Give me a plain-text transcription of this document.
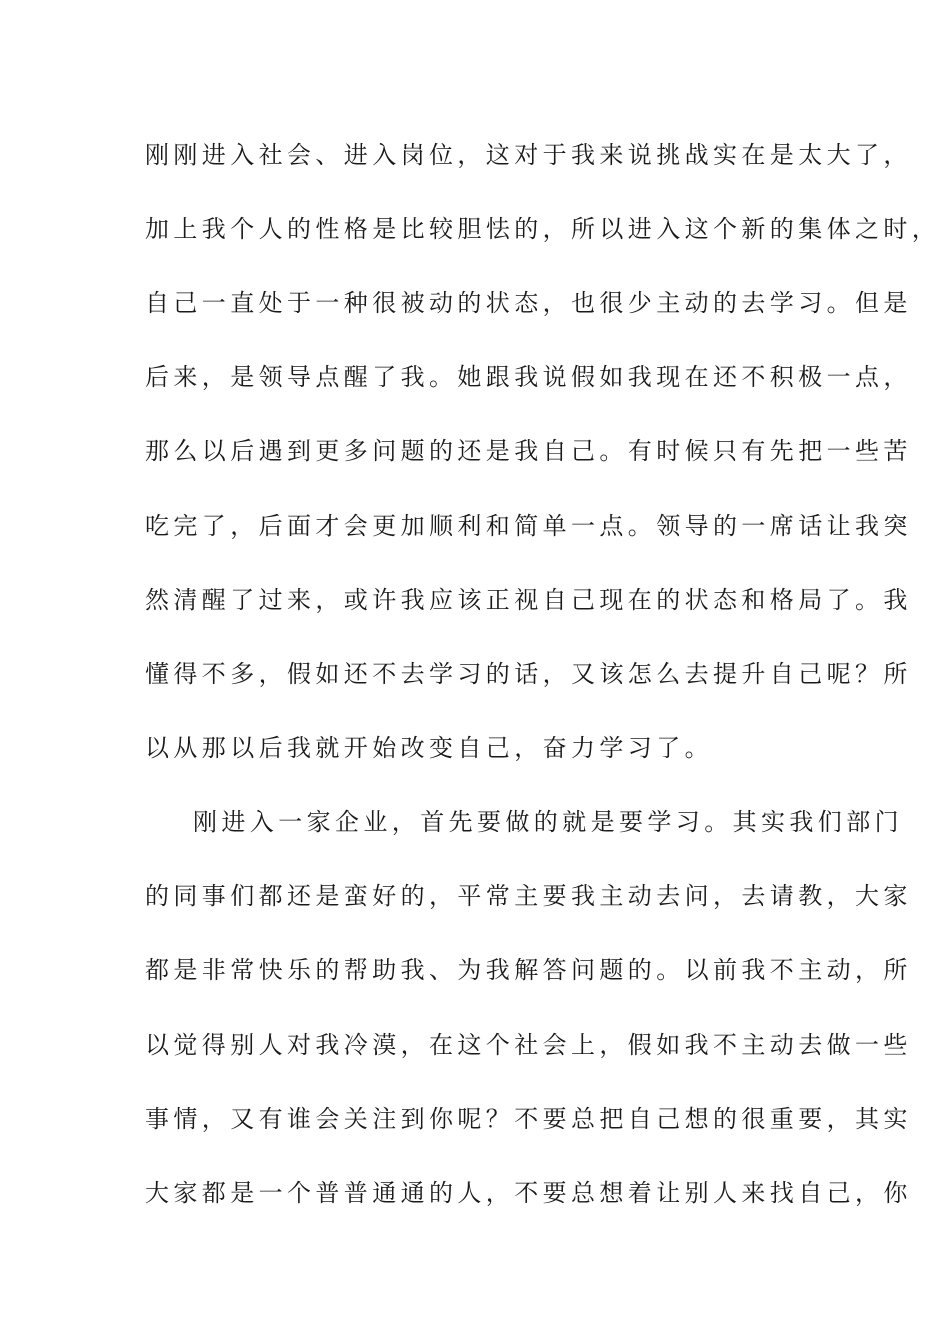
刚刚进入社会、进入岗位，这对于我来说挑战实在是太大了，
加上我个人的性格是比较胆怯的，所以进入这个新的集体之时，
自己一直处于一种很被动的状态，也很少主动的去学习。但是
后来，是领导点醒了我。她跟我说假如我现在还不积极一点，
那么以后遇到更多问题的还是我自己。有时候只有先把一些苦
吃完了，后面才会更加顺利和简单一点。领导的一席话让我突
然清醒了过来，或许我应该正视自己现在的状态和格局了。我
懂得不多，假如还不去学习的话，又该怎么去提升自己呢？所
以从那以后我就开始改变自己，奋力学习了。
刚进入一家企业，首先要做的就是要学习。其实我们部门
的同事们都还是蛮好的，平常主要我主动去问，去请教，大家
都是非常快乐的帮助我、为我解答问题的。以前我不主动，所
以觉得别人对我冷漠，在这个社会上，假如我不主动去做一些
事情，又有谁会关注到你呢？不要总把自己想的很重要，其实
大家都是一个普普通通的人，不要总想着让别人来找自己，你
